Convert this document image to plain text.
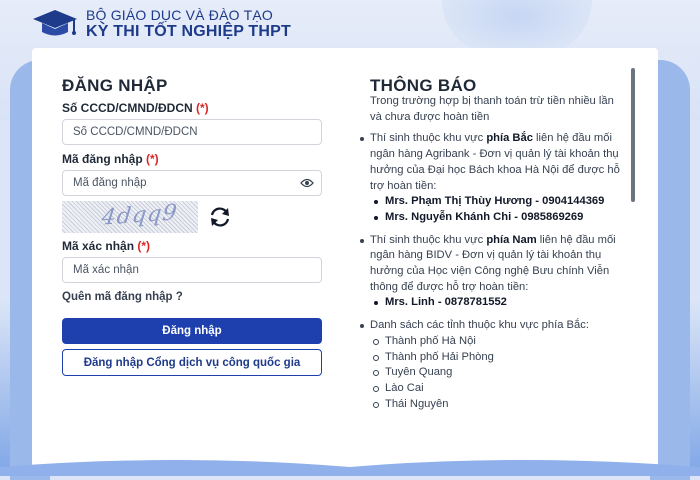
BỘ GIÁO DỤC VÀ ĐÀO TẠO
KỲ THI TỐT NGHIỆP THPT
ĐĂNG NHẬP
Số CCCD/CMND/ĐDCN (*)
Số CCCD/CMND/ĐDCN
Mã đăng nhập (*)
4dqq9
Mã xác nhận (*)
Mã xác nhận
Quên mã đăng nhập ?
Đăng nhập
Đăng nhập Cổng dịch vụ công quốc gia
THÔNG BÁO

Trong trường hợp bị thanh toán trừ tiền nhiều lần và chưa được hoàn tiền

Thí sinh thuộc khu vực phía Bắc liên hệ đầu mối ngân hàng Agribank - Đơn vị quản lý tài khoản thụ hưởng của Đại học Bách khoa Hà Nội để được hỗ trợ hoàn tiền:
Mrs. Phạm Thị Thùy Hương - 0904144369
Mrs. Nguyễn Khánh Chi - 0985869269
Thí sinh thuộc khu vực phía Nam liên hệ đầu mối ngân hàng BIDV - Đơn vị quản lý tài khoản thụ hưởng của Học viện Công nghệ Bưu chính Viễn thông để được hỗ trợ hoàn tiền:
Mrs. Linh - 0878781552
Danh sách các tỉnh thuộc khu vực phía Bắc:
Thành phố Hà Nội
Thành phố Hải Phòng
Tuyên Quang
Lào Cai
Thái Nguyên
